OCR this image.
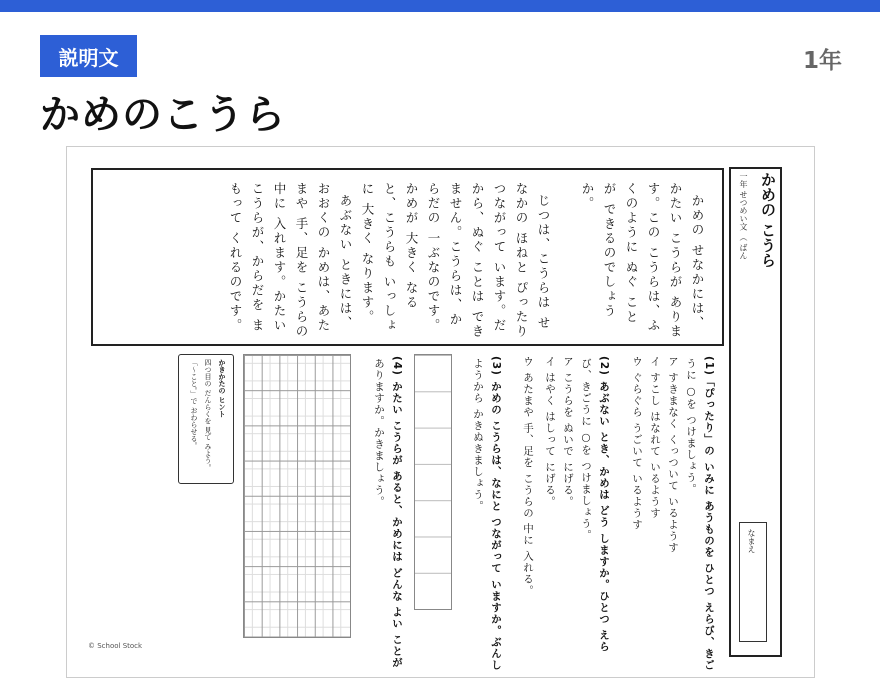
説明文	1年
かめのこうら
かめの こうら
一年 せつめい文 （ ばん
なまえ
かめの せなかには、
かたい こうらが ありま
す。この こうらは、ふ
くのように ぬぐ こと
が できるのでしょう
か。
じつは、こうらは せ
なかの ほねと ぴったり
つながって います。だ
から、ぬぐ ことは でき
ません。こうらは、か
らだの 一ぶなのです。
かめが 大きく なる
と、こうらも いっしょ
に 大きく なります。
あぶない ときには、
おおくの かめは、あた
まや 手、足を こうらの
中に 入れます。かたい
こうらが、からだを ま
もって くれるのです。
(1)「ぴったり」の いみに あうものを ひとつ えらび、きご
うに ○を つけましょう。
ア すきまなく くっついて いるようす
イ すこし はなれて いるようす
ウ ぐらぐら うごいて いるようす
(2) あぶない とき、かめは どう しますか。ひとつ えら
び、きごうに ○を つけましょう。
ア こうらを ぬいで にげる。
イ はやく はしって にげる。
ウ あたまや 手、足を こうらの 中に 入れる。
(3) かめの こうらは、なにと つながって いますか。ぶんし
ようから かきぬきましょう。
(4) かたい こうらが あると、かめには どんな よい ことが
ありますか。かきましょう。
かきかたの ヒント
四つ目の だんらくを 見て みよう。
「〜こと。」で おわらせる。
© School Stock
